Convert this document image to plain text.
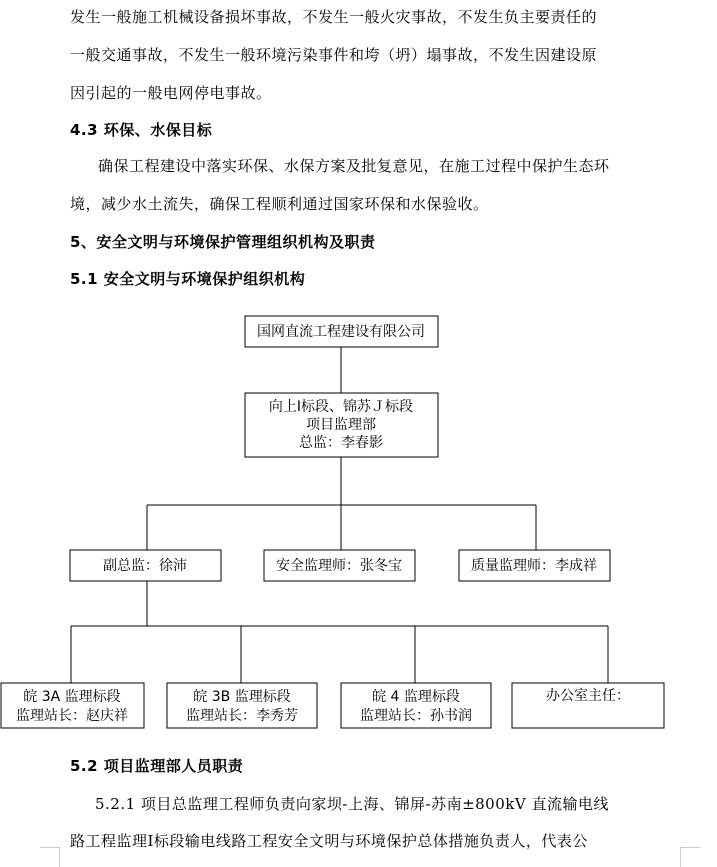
发生一般施工机械设备损坏事故，不发生一般火灾事故，不发生负主要责任的
一般交通事故，不发生一般环境污染事件和垮（坍）塌事故，不发生因建设原
因引起的一般电网停电事故。
4.3 环保、水保目标
确保工程建设中落实环保、水保方案及批复意见，在施工过程中保护生态环
境，减少水土流失，确保工程顺利通过国家环保和水保验收。
5、安全文明与环境保护管理组织机构及职责
5.1 安全文明与环境保护组织机构
国网直流工程建设有限公司
向上Ⅰ标段、锦苏Ｊ标段
项目监理部
总监：李春影
副总监：徐沛	安全监理师：张冬宝	质量监理师：李成祥
皖 3A 监理标段
监理站长：赵庆祥
皖 3B 监理标段
监理站长：李秀芳
皖 4 监理标段
监理站长：孙书润
办公室主任：
5.2 项目监理部人员职责
5.2.1 项目总监理工程师负责向家坝-上海、锦屏-苏南±800kV 直流输电线
路工程监理Ⅰ标段输电线路工程安全文明与环境保护总体措施负责人，代表公
